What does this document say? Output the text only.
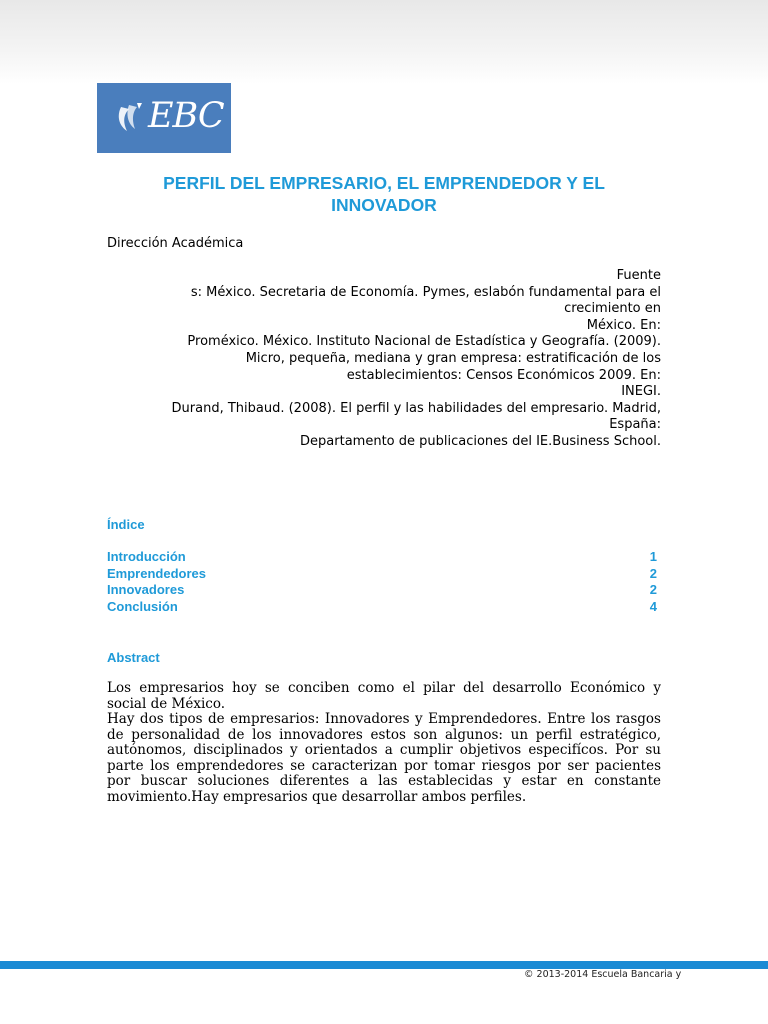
EBC
PERFIL DEL EMPRESARIO, EL EMPRENDEDOR Y EL INNOVADOR
Dirección Académica
Fuente
s: México. Secretaria de Economía. Pymes, eslabón fundamental para el
crecimiento en
México. En:
Proméxico. México. Instituto Nacional de Estadística y Geografía. (2009).
Micro, pequeña, mediana y gran empresa: estratificación de los
establecimientos: Censos Económicos 2009. En:
INEGI.
Durand, Thibaud. (2008). El perfil y las habilidades del empresario. Madrid,
España:
Departamento de publicaciones del IE.Business School.
Índice
Introducción	1
Emprendedores	2
Innovadores	2
Conclusión	4
Abstract

Los empresarios hoy se conciben como el pilar del desarrollo Económico y social de México.

Hay dos tipos de empresarios: Innovadores y Emprendedores. Entre los rasgos de personalidad de los innovadores estos son algunos: un perfil estratégico, autónomos, disciplinados y orientados a cumplir objetivos especifícos. Por su parte los emprendedores se caracterizan por tomar riesgos por ser pacientes por buscar soluciones diferentes a las establecidas y estar en constante movimiento.Hay empresarios que desarrollar ambos perfiles.

© 2013-2014 Escuela Bancaria y
